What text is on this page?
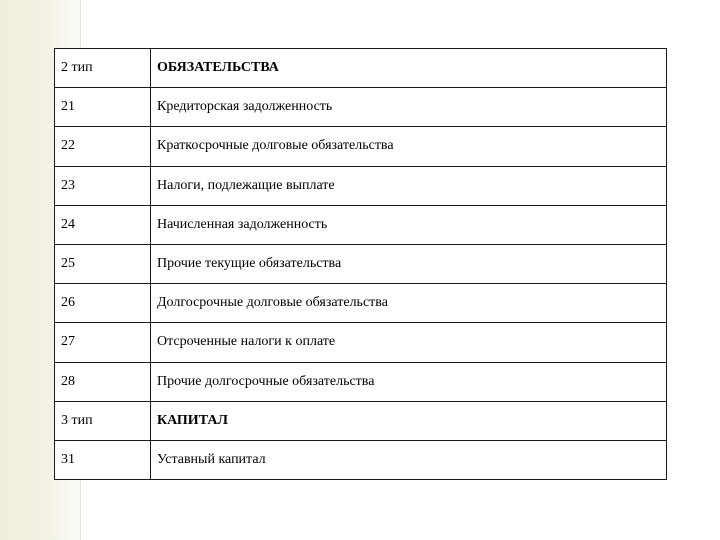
2 тип	ОБЯЗАТЕЛЬСТВА
21	Кредиторская задолженность
22	Краткосрочные долговые обязательства
23	Налоги, подлежащие выплате
24	Начисленная задолженность
25	Прочие текущие обязательства
26	Долгосрочные долговые обязательства
27	Отсроченные налоги к оплате
28	Прочие долгосрочные обязательства
3 тип	КАПИТАЛ
31	Уставный капитал
